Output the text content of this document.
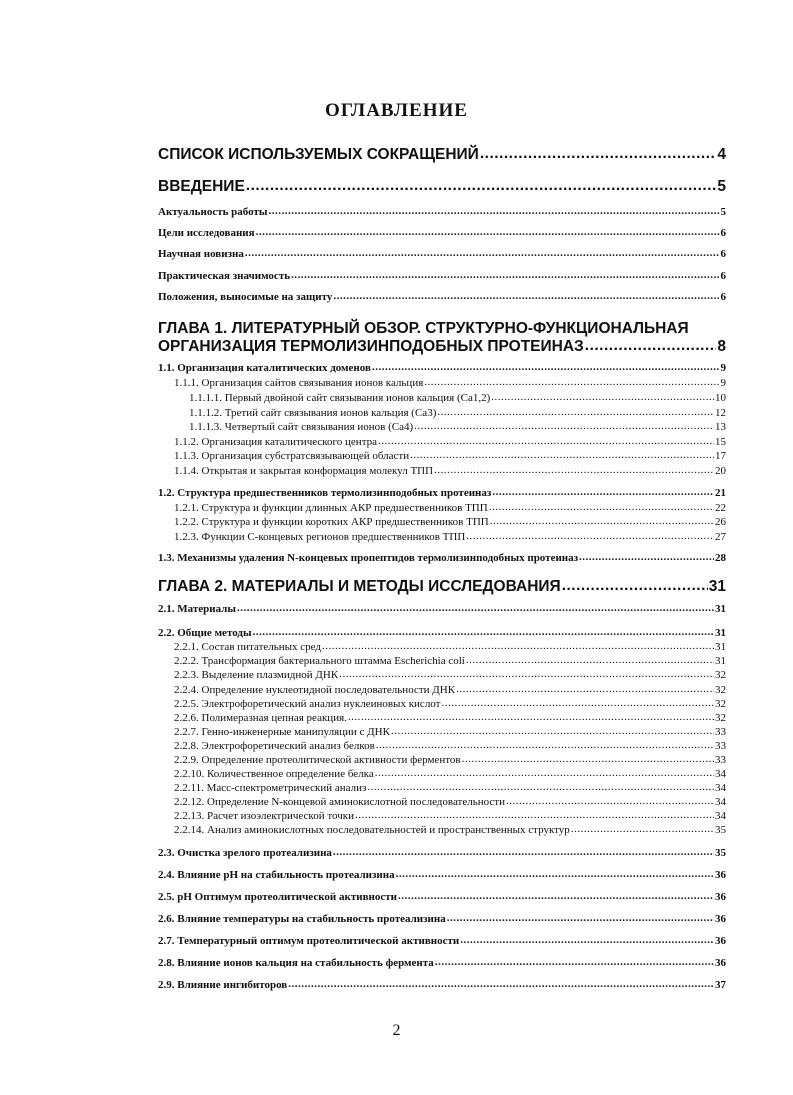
ОГЛАВЛЕНИЕ
СПИСОК ИСПОЛЬЗУЕМЫХ СОКРАЩЕНИЙ .....	4
ВВЕДЕНИЕ .....	5
Актуальность работы .....	5
Цели исследования .....	6
Научная новизна .....	6
Практическая значимость .....	6
Положения, выносимые на защиту .....	6
ГЛАВА 1. ЛИТЕРАТУРНЫЙ ОБЗОР. СТРУКТУРНО-ФУНКЦИОНАЛЬНАЯ
ОРГАНИЗАЦИЯ ТЕРМОЛИЗИНПОДОБНЫХ ПРОТЕИНАЗ .....	8
1.1. Организация каталитических доменов .....	9
1.1.1. Организация сайтов связывания ионов кальция .....	9
1.1.1.1. Первый двойной сайт связывания ионов кальция (Са1,2) .....	10
1.1.1.2. Третий сайт связывания ионов кальция (Са3) .....	12
1.1.1.3. Четвертый сайт связывания ионов (Са4) .....	13
1.1.2. Организация каталитического центра .....	15
1.1.3. Организация субстратсвязывающей области .....	17
1.1.4. Открытая и закрытая конформация молекул ТПП .....	20
1.2. Структура предшественников термолизинподобных протеиназ .....	21
1.2.1. Структура и функции длинных АКР предшественников ТПП .....	22
1.2.2. Структура и функции коротких АКР предшественников ТПП .....	26
1.2.3. Функции С-концевых регионов предшественников ТПП .....	27
1.3. Механизмы удаления N-концевых пропептидов термолизинподобных протеиназ .....	28
ГЛАВА 2. МАТЕРИАЛЫ И МЕТОДЫ ИССЛЕДОВАНИЯ .....	31
2.1. Материалы .....	31
2.2. Общие методы .....	31
2.2.1. Состав питательных сред .....	31
2.2.2. Трансформация бактериального штамма Escherichia coli .....	31
2.2.3. Выделение плазмидной ДНК .....	32
2.2.4. Определение нуклеотидной последовательности ДНК .....	32
2.2.5. Электрофоретический анализ нуклеиновых кислот .....	32
2.2.6. Полимеразная цепная реакция. .....	32
2.2.7. Генно-инженерные манипуляции с ДНК .....	33
2.2.8. Электрофоретический анализ белков .....	33
2.2.9. Определение протеолитической активности ферментов .....	33
2.2.10. Количественное определение белка .....	34
2.2.11. Масс-спектрометрический анализ .....	34
2.2.12. Определение N-концевой аминокислотной последовательности .....	34
2.2.13. Расчет изоэлектрической точки .....	34
2.2.14. Анализ аминокислотных последовательностей и пространственных структур .....	35
2.3. Очистка зрелого протеализина .....	35
2.4. Влияние рН на стабильность протеализина .....	36
2.5. рН Оптимум протеолитической активности .....	36
2.6. Влияние температуры на стабильность протеализина .....	36
2.7. Температурный оптимум протеолитической активности .....	36
2.8. Влияние ионов кальция на стабильность фермента .....	36
2.9. Влияние ингибиторов .....	37
2
